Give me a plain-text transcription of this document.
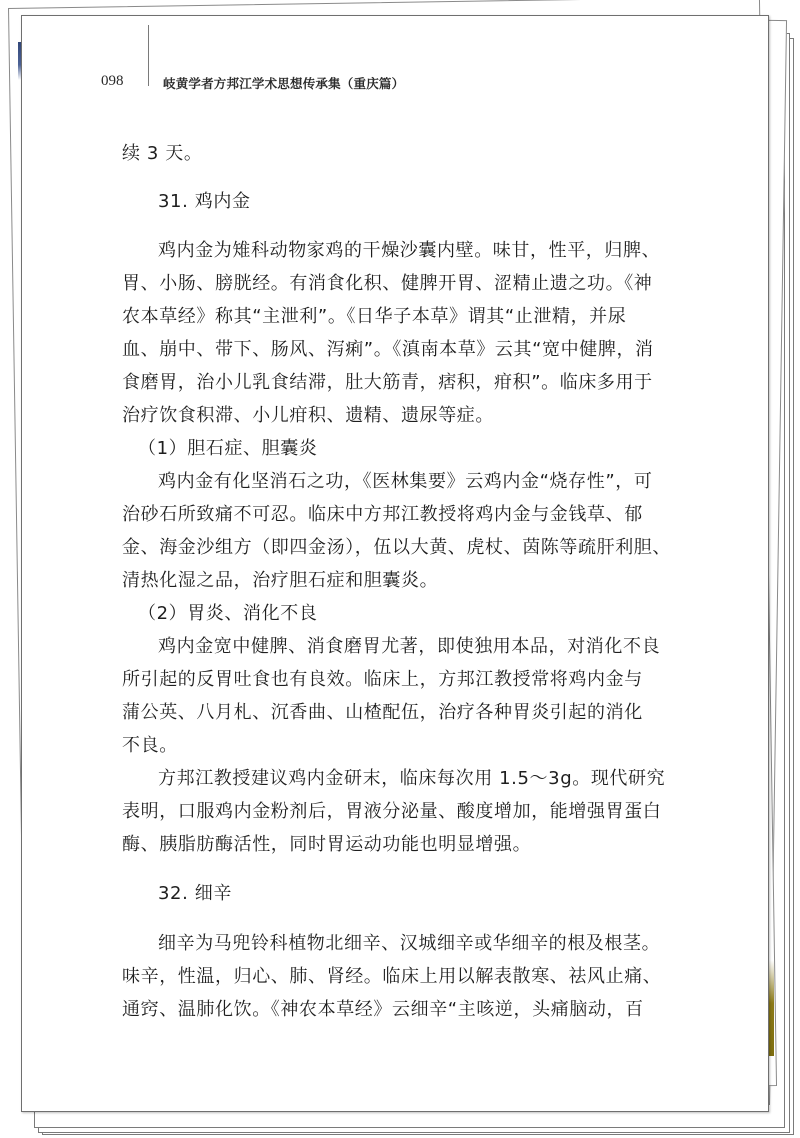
098	岐黄学者方邦江学术思想传承集（重庆篇）
续 3 天。
31. 鸡内金
鸡内金为雉科动物家鸡的干燥沙囊内壁。味甘，性平，归脾、
胃、小肠、膀胱经。有消食化积、健脾开胃、涩精止遗之功。《神
农本草经》称其“主泄利”。《日华子本草》谓其“止泄精，并尿
血、崩中、带下、肠风、泻痢”。《滇南本草》云其“宽中健脾，消
食磨胃，治小儿乳食结滞，肚大筋青，痞积，疳积”。临床多用于
治疗饮食积滞、小儿疳积、遗精、遗尿等症。
（1）胆石症、胆囊炎
鸡内金有化坚消石之功，《医林集要》云鸡内金“烧存性”，可
治砂石所致痛不可忍。临床中方邦江教授将鸡内金与金钱草、郁
金、海金沙组方（即四金汤），伍以大黄、虎杖、茵陈等疏肝利胆、
清热化湿之品，治疗胆石症和胆囊炎。
（2）胃炎、消化不良
鸡内金宽中健脾、消食磨胃尤著，即使独用本品，对消化不良
所引起的反胃吐食也有良效。临床上，方邦江教授常将鸡内金与
蒲公英、八月札、沉香曲、山楂配伍，治疗各种胃炎引起的消化
不良。
方邦江教授建议鸡内金研末，临床每次用 1.5～3g。现代研究
表明，口服鸡内金粉剂后，胃液分泌量、酸度增加，能增强胃蛋白
酶、胰脂肪酶活性，同时胃运动功能也明显增强。
32. 细辛
细辛为马兜铃科植物北细辛、汉城细辛或华细辛的根及根茎。
味辛，性温，归心、肺、肾经。临床上用以解表散寒、祛风止痛、
通窍、温肺化饮。《神农本草经》云细辛“主咳逆，头痛脑动，百
